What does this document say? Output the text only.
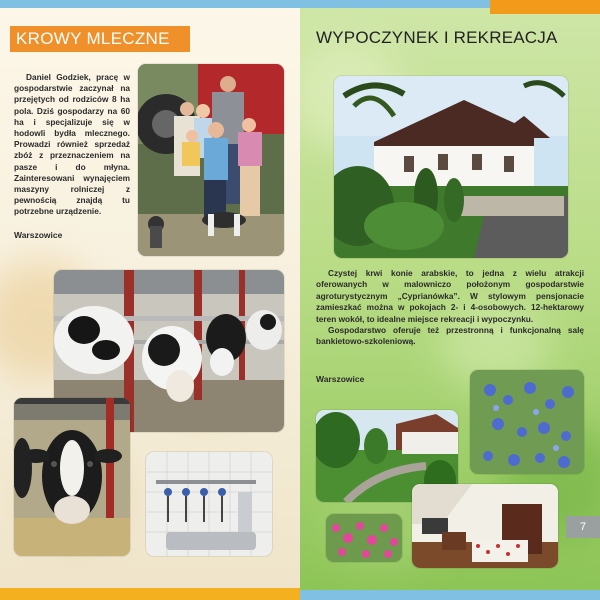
KROWY MLECZNE

Daniel Godziek, pracę w gospodarstwie zaczynał na przejętych od rodziców 8 ha pola. Dziś gospodarzy na 60 ha i specjalizuje się w hodowli bydła mlecznego. Prowadzi również sprzedaż zbóż z przeznaczeniem na pasze i do młyna. Zainteresowani wynajęciem maszyny rolniczej z pewnością znajdą tu potrzebne urządzenie.

Warszowice
WYPOCZYNEK I REKREACJA

Czystej krwi konie arabskie, to jedna z wielu atrakcji oferowanych w malowniczo położonym gospodarstwie agroturystycznym „Cyprianówka”. W stylowym pensjonacie zamieszkać można w pokojach 2- i 4-osobowych. 12-hektarowy teren wokół, to idealne miejsce rekreacji i wypoczynku.

Gospodarstwo oferuje też przestronną i funkcjonalną salę bankietowo-szkoleniową.

Warszowice
7
